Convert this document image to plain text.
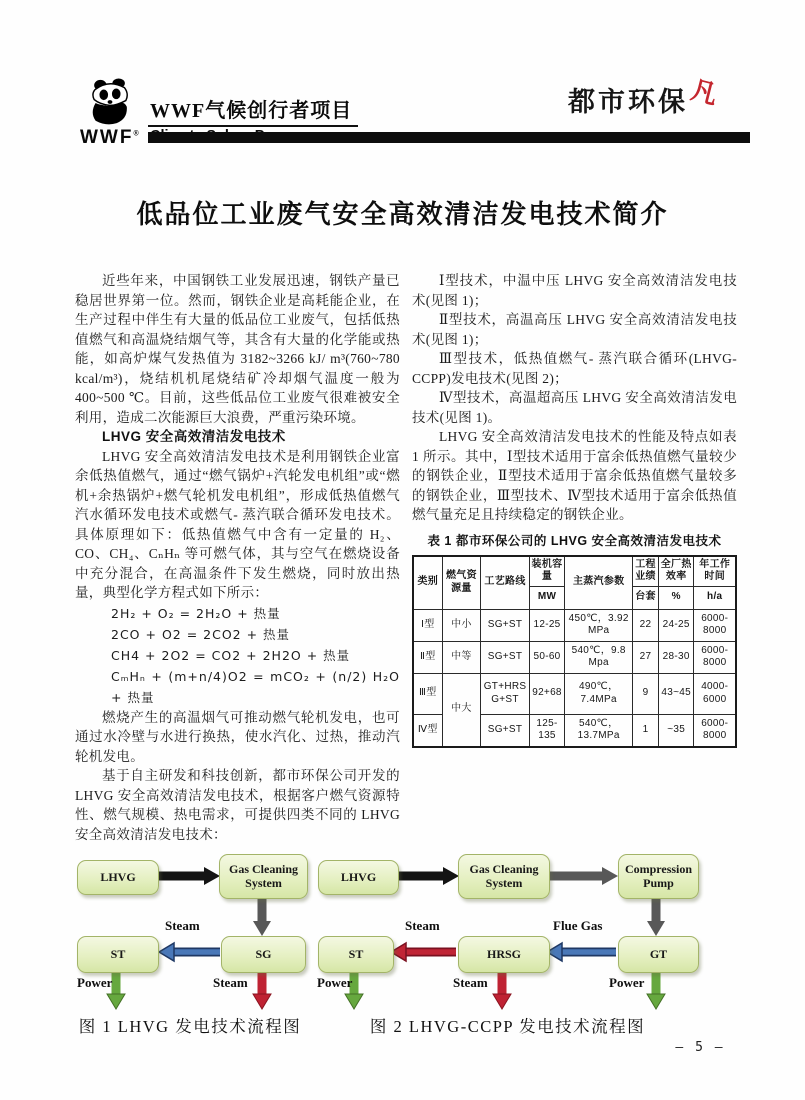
WWF®
WWF气候创行者项目	都市环保 凡
低品位工业废气安全高效清洁发电技术简介

近些年来，中国钢铁工业发展迅速，钢铁产量已稳居世界第一位。然而，钢铁企业是高耗能企业，在生产过程中伴生有大量的低品位工业废气，包括低热值燃气和高温烧结烟气等，其含有大量的化学能或热能，如高炉煤气发热值为 3182~3266 kJ/ m³(760~780 kcal/m³)，烧结机机尾烧结矿冷却烟气温度一般为 400~500 ℃。目前，这些低品位工业废气很难被安全利用，造成二次能源巨大浪费，严重污染环境。

LHVG 安全高效清洁发电技术

LHVG 安全高效清洁发电技术是利用钢铁企业富余低热值燃气，通过“燃气锅炉+汽轮发电机组”或“燃机+余热锅炉+燃气轮机发电机组”，形成低热值燃气汽水循环发电技术或燃气- 蒸汽联合循环发电技术。具体原理如下：低热值燃气中含有一定量的 H₂、CO、CH₄、CₙHₙ 等可燃气体，其与空气在燃烧设备中充分混合，在高温条件下发生燃烧，同时放出热量，典型化学方程式如下所示：

2H₂ + O₂ = 2H₂O + 热量
2CO + O2 = 2CO2 + 热量
CH4 + 2O2 = CO2 + 2H2O + 热量
CₘHₙ + (m+n/4)O2 = mCO₂ + (n/2) H₂O + 热量

燃烧产生的高温烟气可推动燃气轮机发电，也可通过水冷壁与水进行换热，使水汽化、过热，推动汽轮机发电。

基于自主研发和科技创新，都市环保公司开发的 LHVG 安全高效清洁发电技术，根据客户燃气资源特性、燃气规模、热电需求，可提供四类不同的 LHVG 安全高效清洁发电技术：

Ⅰ型技术，中温中压 LHVG 安全高效清洁发电技术(见图 1)；

Ⅱ型技术，高温高压 LHVG 安全高效清洁发电技术(见图 1)；

Ⅲ型技术，低热值燃气- 蒸汽联合循环(LHVG- CCPP)发电技术(见图 2)；

Ⅳ型技术，高温超高压 LHVG 安全高效清洁发电技术(见图 1)。

LHVG 安全高效清洁发电技术的性能及特点如表 1 所示。其中，Ⅰ型技术适用于富余低热值燃气量较少的钢铁企业，Ⅱ型技术适用于富余低热值燃气量较多的钢铁企业，Ⅲ型技术、Ⅳ型技术适用于富余低热值燃气量充足且持续稳定的钢铁企业。

表 1 都市环保公司的 LHVG 安全高效清洁发电技术
类别	燃气资源量	工艺路线	装机容量	主蒸汽参数	工程业绩	全厂热效率	年工作时间
			MW		台套	%	h/a
Ⅰ型	中小	SG+ST	12-25	450℃，3.92 MPa	22	24-25	6000-8000
Ⅱ型	中等	SG+ST	50-60	540℃，9.8 Mpa	27	28-30	6000-8000
Ⅲ型	中大	GT+HRSG+ST	92+68	490℃，7.4MPa	9	43~45	4000-6000
Ⅳ型		SG+ST	125-135	540℃，13.7MPa	1	~35	6000-8000
LHVG
Gas Cleaning System
ST	SG
Steam
Power	Steam
图 1 LHVG 发电技术流程图
LHVG
Gas Cleaning System
Compression Pump
ST	HRSG	GT
Steam	Flue Gas
Power	Steam	Power
图 2 LHVG-CCPP 发电技术流程图
– 5 –
